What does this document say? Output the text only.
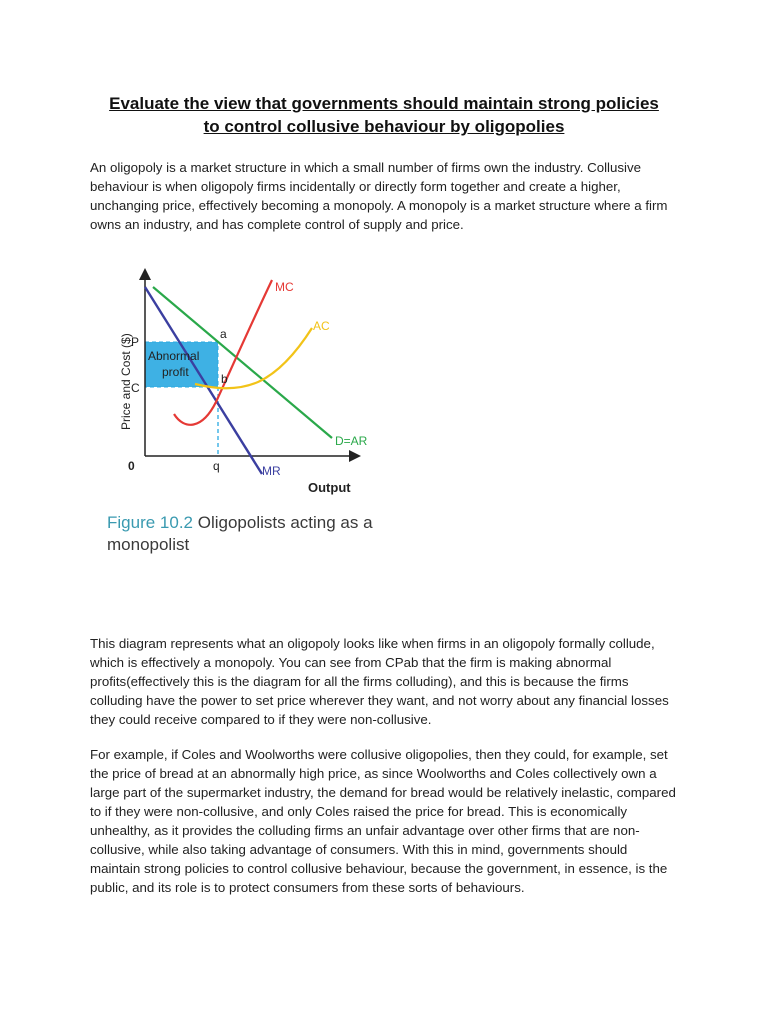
Evaluate the view that governments should maintain strong policies
to control collusive behaviour by oligopolies
An oligopoly is a market structure in which a small number of firms own the industry. Collusive behaviour is when oligopoly firms incidentally or directly form together and create a higher, unchanging price, effectively becoming a monopoly. A monopoly is a market structure where a firm owns an industry, and has complete control of supply and price.
Price and Cost ($)
Output
0
P
C
q
a
b
Abnormal
profit
MC
AC
D=AR
MR
Figure 10.2 Oligopolists acting as a monopolist
This diagram represents what an oligopoly looks like when firms in an oligopoly formally collude, which is effectively a monopoly. You can see from CPab that the firm is making abnormal profits(effectively this is the diagram for all the firms colluding), and this is because the firms colluding have the power to set price wherever they want, and not worry about any financial losses they could receive compared to if they were non-collusive.
For example, if Coles and Woolworths were collusive oligopolies, then they could, for example, set the price of bread at an abnormally high price, as since Woolworths and Coles collectively own a large part of the supermarket industry, the demand for bread would be relatively inelastic, compared to if they were non-collusive, and only Coles raised the price for bread. This is economically unhealthy, as it provides the colluding firms an unfair advantage over other firms that are non-collusive, while also taking advantage of consumers. With this in mind, governments should maintain strong policies to control collusive behaviour, because the government, in essence, is the public, and its role is to protect consumers from these sorts of behaviours.
